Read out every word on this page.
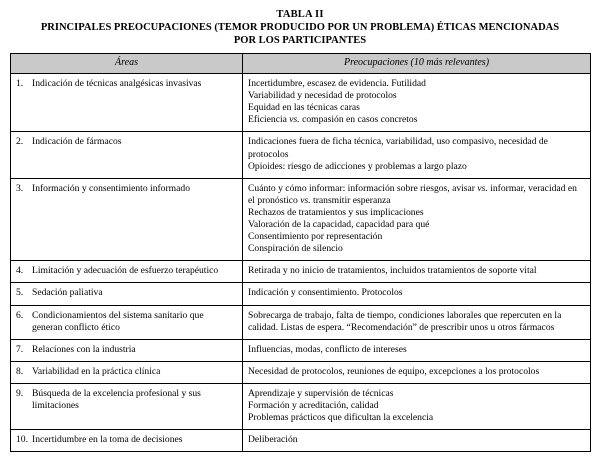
TABLA II
PRINCIPALES PREOCUPACIONES (TEMOR PRODUCIDO POR UN PROBLEMA) ÉTICAS MENCIONADAS
POR LOS PARTICIPANTES
Áreas	Preocupaciones (10 más relevantes)

1. Indicación de técnicas analgésicas invasivas	Incertidumbre, escasez de evidencia. Futilidad
Variabilidad y necesidad de protocolos
Equidad en las técnicas caras
Eficiencia vs. compasión en casos concretos

2. Indicación de fármacos	Indicaciones fuera de ficha técnica, variabilidad, uso compasivo, necesidad de protocolos
Opioides: riesgo de adicciones y problemas a largo plazo

3. Información y consentimiento informado	Cuánto y cómo informar: información sobre riesgos, avisar vs. informar, veracidad en el pronóstico vs. transmitir esperanza
Rechazos de tratamientos y sus implicaciones
Valoración de la capacidad, capacidad para qué
Consentimiento por representación
Conspiración de silencio

4. Limitación y adecuación de esfuerzo terapéutico	Retirada y no inicio de tratamientos, incluidos tratamientos de soporte vital

5. Sedación paliativa	Indicación y consentimiento. Protocolos

6. Condicionamientos del sistema sanitario que generan conflicto ético	Sobrecarga de trabajo, falta de tiempo, condiciones laborales que repercuten en la calidad. Listas de espera. “Recomendación” de prescribir unos u otros fármacos

7. Relaciones con la industria	Influencias, modas, conflicto de intereses

8. Variabilidad en la práctica clínica	Necesidad de protocolos, reuniones de equipo, excepciones a los protocolos

9. Búsqueda de la excelencia profesional y sus limitaciones	Aprendizaje y supervisión de técnicas
Formación y acreditación, calidad
Problemas prácticos que dificultan la excelencia

10. Incertidumbre en la toma de decisiones	Deliberación
